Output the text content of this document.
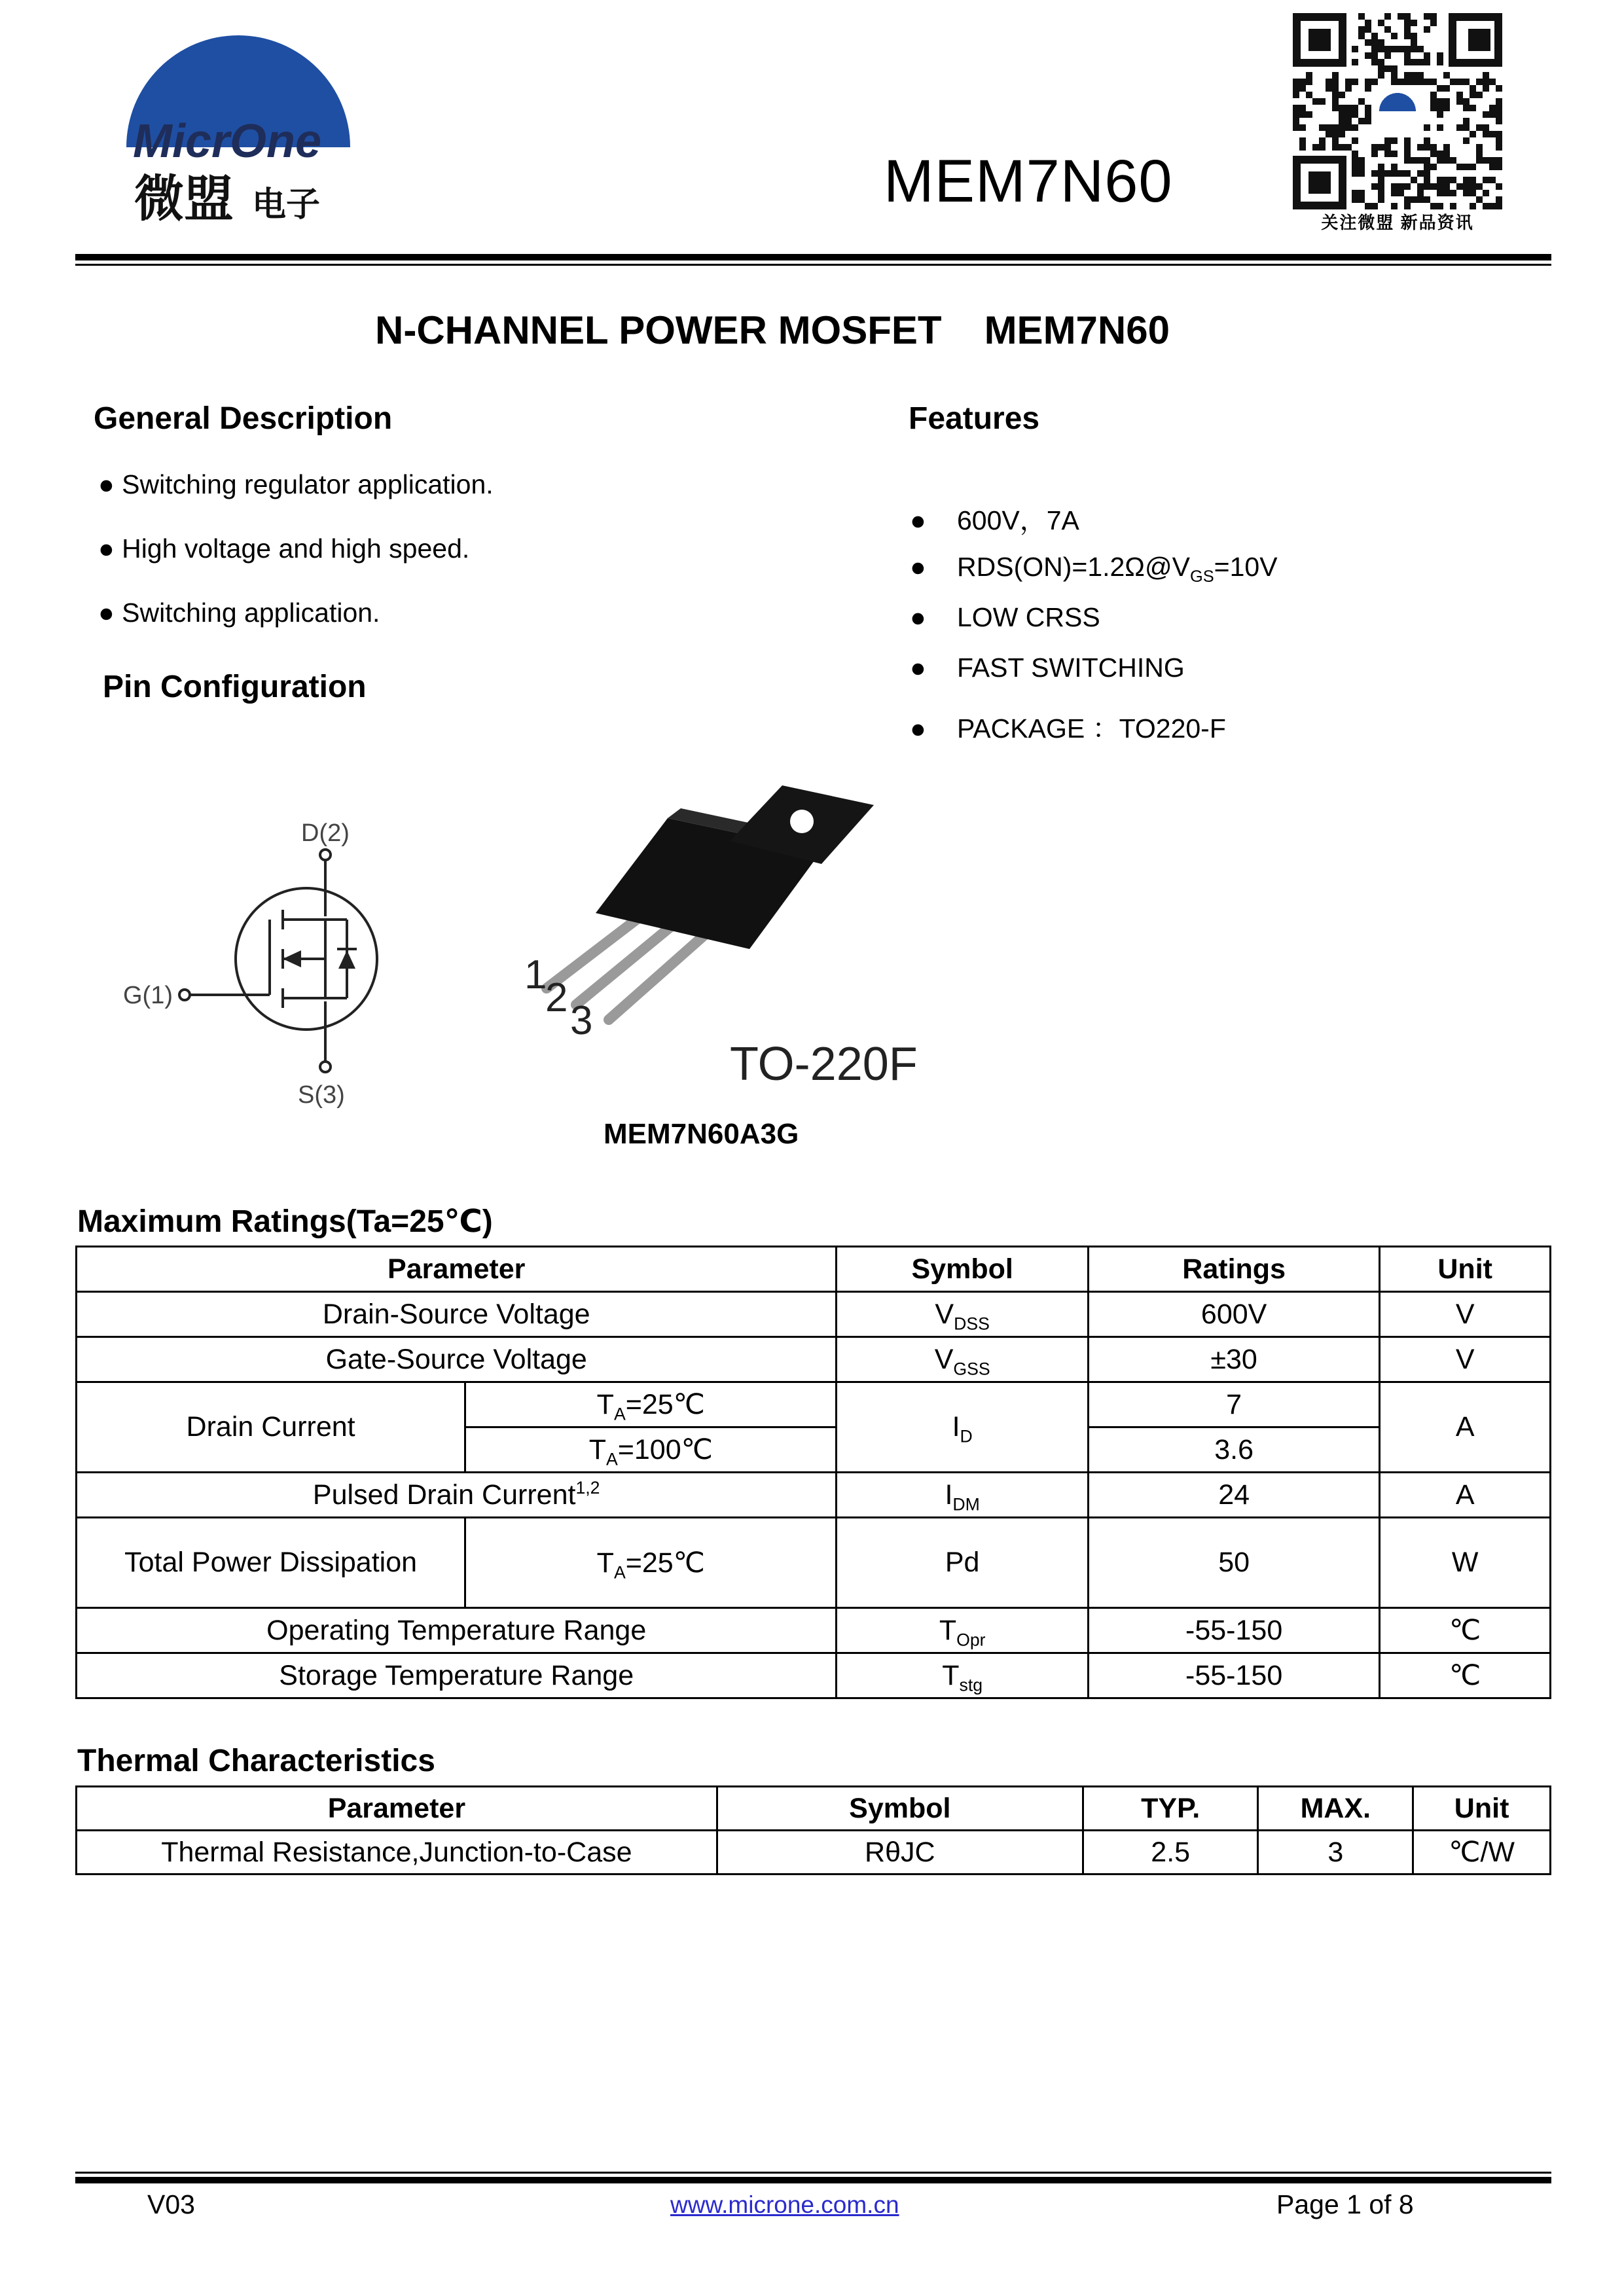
MicrOne
微盟 电子	MEM7N60
关注微盟 新品资讯
N-CHANNEL POWER MOSFET MEM7N60
General Description
● Switching regulator application.
● High voltage and high speed.
● Switching application.
Pin Configuration
Features
● 600V，7A
● $RDS(ON)=1.2\Omega@V_{GS}=10V$
● LOW CRSS
● FAST SWITCHING
● PACKAGE ：TO220-F
D(2)
G(1)
S(3)
1
2
3
TO-220F
MEM7N60A3G
Maximum Ratings(Ta=25℃)
Parameter		Symbol	Ratings	Unit
Drain-Source Voltage		$V_{DSS}$	600V	V
Gate-Source Voltage		$V_{GSS}$	±30	V
Drain Current	$T_A=25℃$	$I_D$	7	A
	$T_A=100℃$		3.6	
Pulsed Drain Current$^{1,2}$		$I_{DM}$	24	A
Total Power Dissipation	$T_A=25℃$	Pd	50	W
Operating Temperature Range		$T_{Opr}$	-55-150	℃
Storage Temperature Range		$T_{stg}$	-55-150	℃
Thermal Characteristics
Parameter	Symbol	TYP.	MAX.	Unit
Thermal Resistance,Junction-to-Case	RθJC	2.5	3	℃/W
V03	www.microne.com.cn	Page 1 of 8
